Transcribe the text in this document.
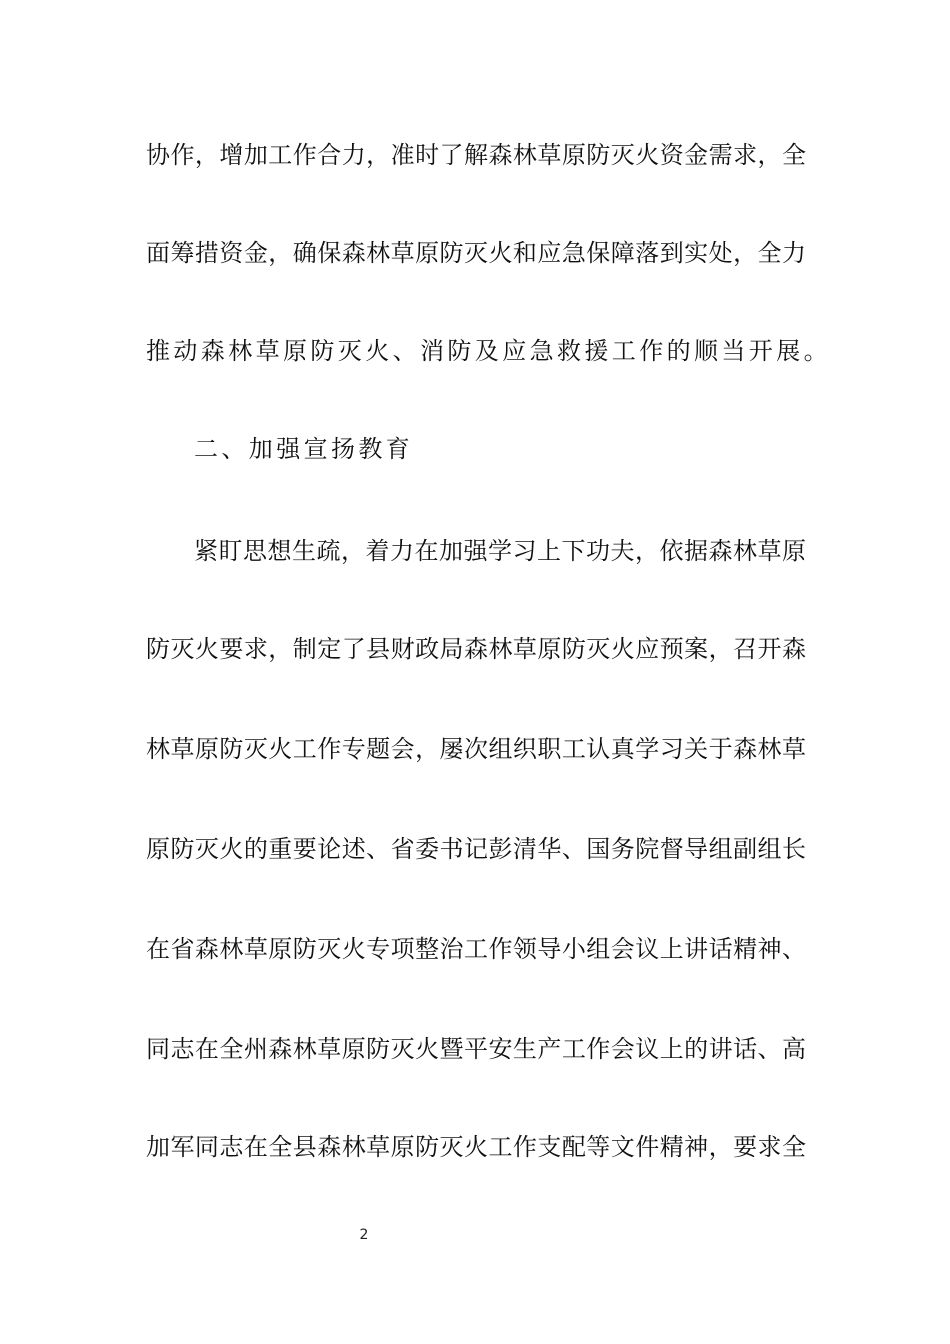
协作，增加工作合力，准时了解森林草原防灭火资金需求，全
面筹措资金，确保森林草原防灭火和应急保障落到实处，全力
推动森林草原防灭火、消防及应急救援工作的顺当开展。
二、加强宣扬教育
紧盯思想生疏，着力在加强学习上下功夫，依据森林草原
防灭火要求，制定了县财政局森林草原防灭火应预案，召开森
林草原防灭火工作专题会，屡次组织职工认真学习关于森林草
原防灭火的重要论述、省委书记彭清华、国务院督导组副组长
在省森林草原防灭火专项整治工作领导小组会议上讲话精神、
同志在全州森林草原防灭火暨平安生产工作会议上的讲话、高
加军同志在全县森林草原防灭火工作支配等文件精神，要求全
2
